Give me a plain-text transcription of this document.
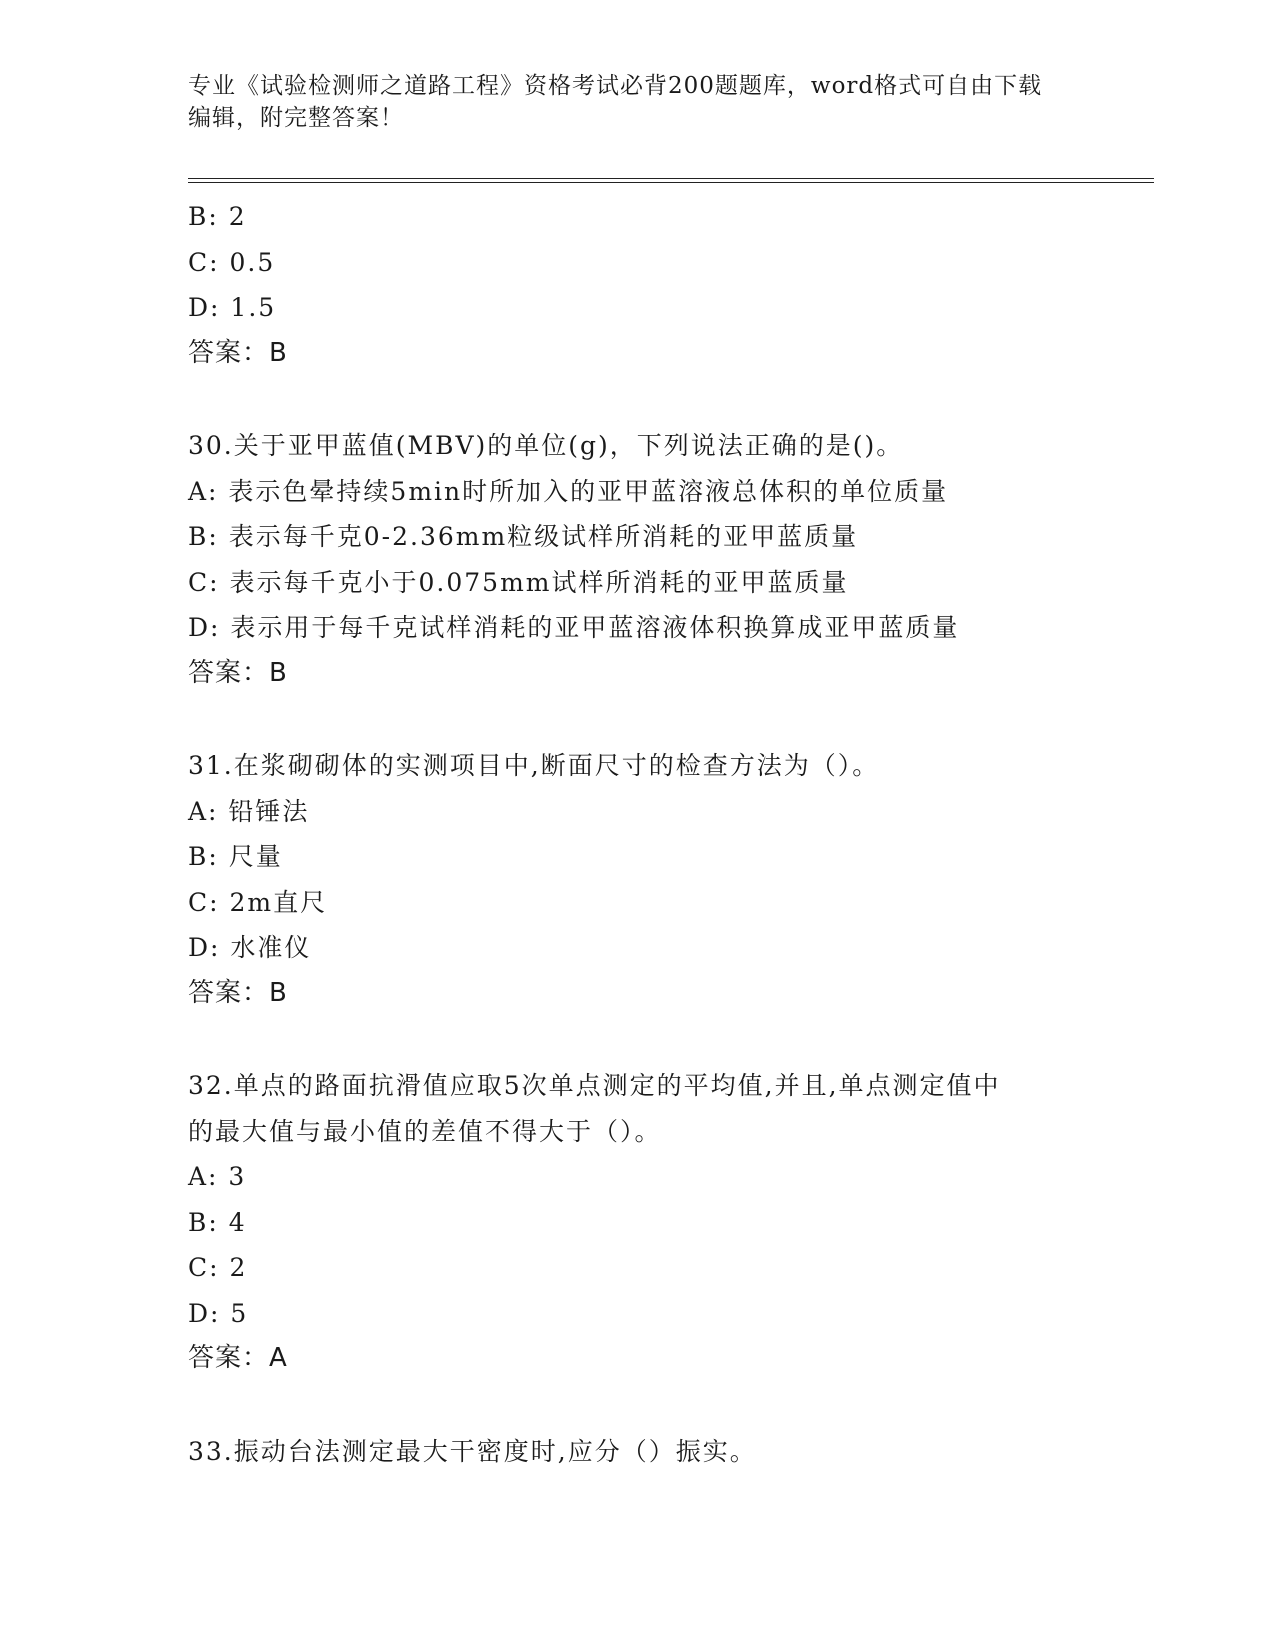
专业《试验检测师之道路工程》资格考试必背200题题库，word格式可自由下载
编辑，附完整答案！
B: 2
C: 0.5
D: 1.5
答案：B
30.关于亚甲蓝值(MBV)的单位(g)，下列说法正确的是()。
A: 表示色晕持续5min时所加入的亚甲蓝溶液总体积的单位质量
B: 表示每千克0-2.36mm粒级试样所消耗的亚甲蓝质量
C: 表示每千克小于0.075mm试样所消耗的亚甲蓝质量
D: 表示用于每千克试样消耗的亚甲蓝溶液体积换算成亚甲蓝质量
答案：B
31.在浆砌砌体的实测项目中,断面尺寸的检查方法为（）。
A: 铅锤法
B: 尺量
C: 2m直尺
D: 水准仪
答案：B
32.单点的路面抗滑值应取5次单点测定的平均值,并且,单点测定值中
的最大值与最小值的差值不得大于（）。
A: 3
B: 4
C: 2
D: 5
答案：A
33.振动台法测定最大干密度时,应分（）振实。
